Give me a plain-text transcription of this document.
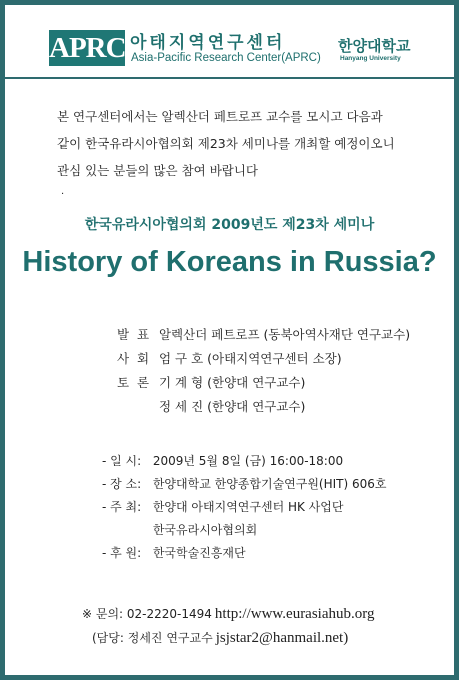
APRC 아태지역연구센터
Asia-Pacific Research Center(APRC)
한양대학교
Hanyang University
본 연구센터에서는 알렉산더 페트로프 교수를 모시고 다음과
같이 한국유라시아협의회 제23차 세미나를 개최할 예정이오니
관심 있는 분들의 많은 참여 바랍니다
.
한국유라시아협의회 2009년도 제23차 세미나
History of Koreans in Russia?
발 표 알렉산더 페트로프 (동북아역사재단 연구교수)
사 회 엄 구 호 (아태지역연구센터 소장)
토 론 기 계 형 (한양대 연구교수)
정 세 진 (한양대 연구교수)
- 일 시: 2009년 5월 8일 (금) 16:00-18:00
- 장 소: 한양대학교 한양종합기술연구원(HIT) 606호
- 주 최: 한양대 아태지역연구센터 HK 사업단
한국유라시아협의회
- 후 원: 한국학술진흥재단
※ 문의: 02-2220-1494 http://www.eurasiahub.org
(담당: 정세진 연구교수 jsjstar2@hanmail.net)
